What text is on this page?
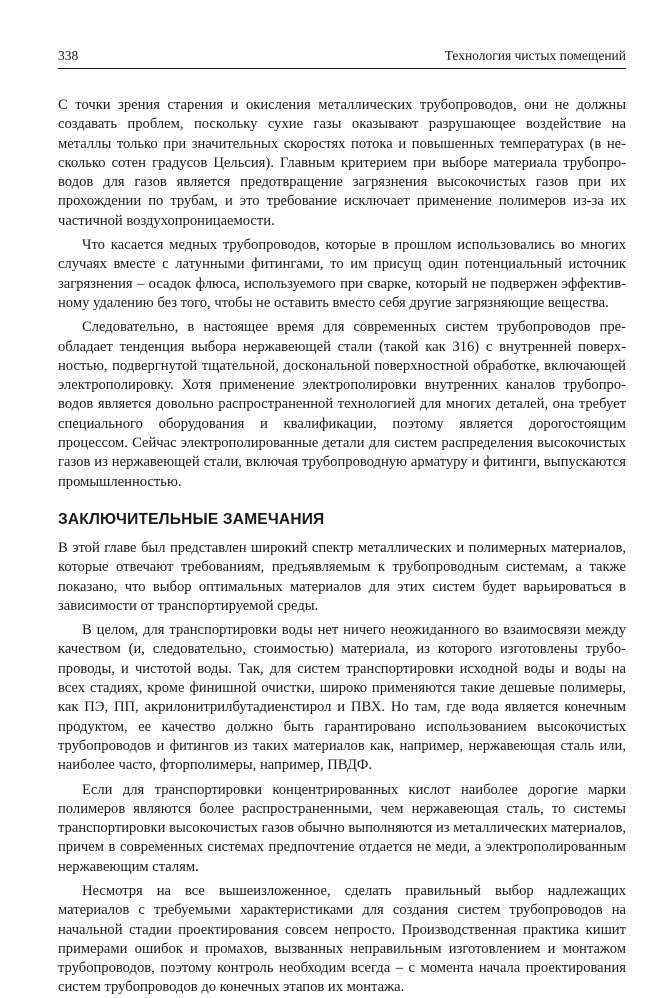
338	Технология чистых помещений

С точки зрения старения и окисления металлических трубопроводов, они не должны создавать проблем, поскольку сухие газы оказывают разрушающее воздействие на металлы только при значительных скоростях потока и повышенных температурах (в несколько сотен градусов Цельсия). Главным критерием при выборе материала трубопроводов для газов является предотвращение загрязнения высокочистых газов при их прохождении по трубам, и это требование исключает применение полимеров из-за их частичной воздухопроницаемости.

Что касается медных трубопроводов, которые в прошлом использовались во многих случаях вместе с латунными фитингами, то им присущ один потенциальный источник загрязнения – осадок флюса, используемого при сварке, который не подвержен эффективному удалению без того, чтобы не оставить вместо себя другие загрязняющие вещества.

Следовательно, в настоящее время для современных систем трубопроводов преобладает тенденция выбора нержавеющей стали (такой как 316) с внутренней поверхностью, подвергнутой тщательной, доскональной поверхностной обработке, включающей электрополировку. Хотя применение электрополировки внутренних каналов трубопроводов является довольно распространенной технологией для многих деталей, она требует специального оборудования и квалификации, поэтому является дорогостоящим процессом. Сейчас электрополированные детали для систем распределения высокочистых газов из нержавеющей стали, включая трубопроводную арматуру и фитинги, выпускаются промышленностью.

ЗАКЛЮЧИТЕЛЬНЫЕ ЗАМЕЧАНИЯ

В этой главе был представлен широкий спектр металлических и полимерных материалов, которые отвечают требованиям, предъявляемым к трубопроводным системам, а также показано, что выбор оптимальных материалов для этих систем будет варьироваться в зависимости от транспортируемой среды.

В целом, для транспортировки воды нет ничего неожиданного во взаимосвязи между качеством (и, следовательно, стоимостью) материала, из которого изготовлены трубопроводы, и чистотой воды. Так, для систем транспортировки исходной воды и воды на всех стадиях, кроме финишной очистки, широко применяются такие дешевые полимеры, как ПЭ, ПП, акрилонитрилбутадиенстирол и ПВХ. Но там, где вода является конечным продуктом, ее качество должно быть гарантировано использованием высокочистых трубопроводов и фитингов из таких материалов как, например, нержавеющая сталь или, наиболее часто, фторполимеры, например, ПВДФ.

Если для транспортировки концентрированных кислот наиболее дорогие марки полимеров являются более распространенными, чем нержавеющая сталь, то системы транспортировки высокочистых газов обычно выполняются из металлических материалов, причем в современных системах предпочтение отдается не меди, а электрополированным нержавеющим сталям.

Несмотря на все вышеизложенное, сделать правильный выбор надлежащих материалов с требуемыми характеристиками для создания систем трубопроводов на начальной стадии проектирования совсем непросто. Производственная практика кишит примерами ошибок и промахов, вызванных неправильным изготовлением и монтажом трубопроводов, поэтому контроль необходим всегда – с момента начала проектирования систем трубопроводов до конечных этапов их монтажа.
